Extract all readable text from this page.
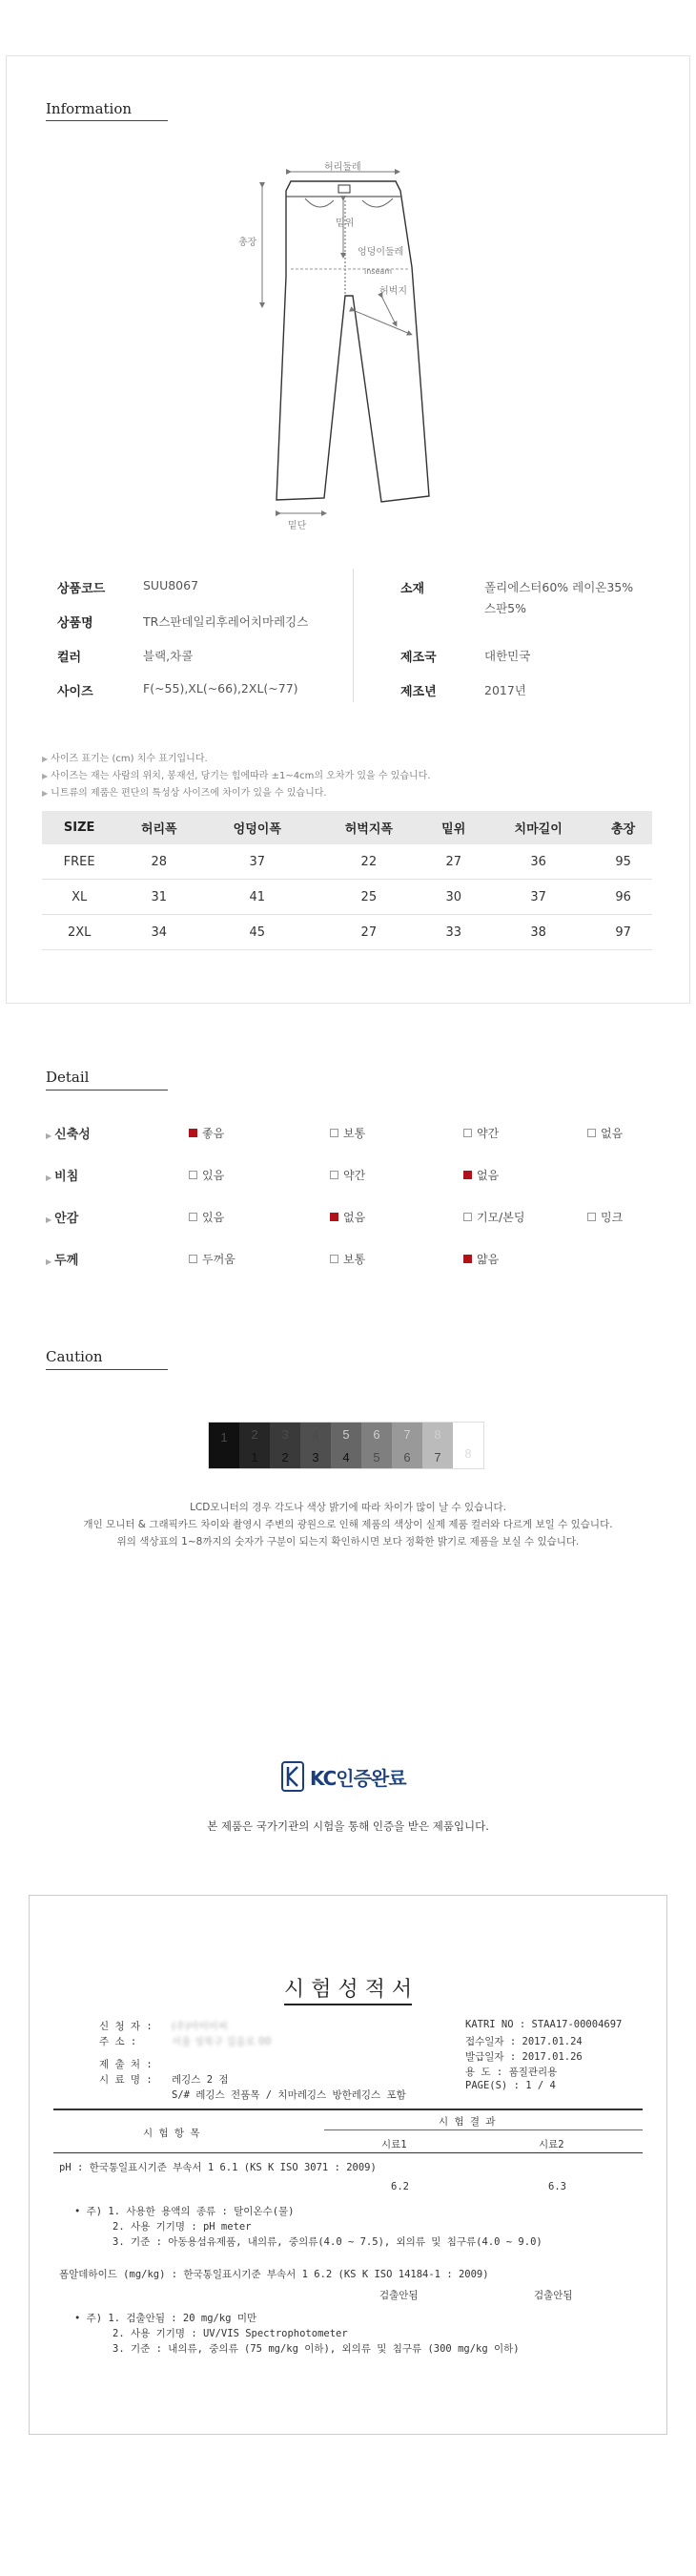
Information
허리둘레
총장
밑위
엉덩이둘레
inseam
허벅지
밑단
상품코드	SUU8067
상품명	TR스판데일리후레어치마레깅스
컬러	블랙,차콜
사이즈	F(~55),XL(~66),2XL(~77)
소재	폴리에스터60% 레이온35%
스판5%
제조국	대한민국
제조년	2017년
▶ 사이즈 표기는 (cm) 치수 표기입니다.
▶ 사이즈는 재는 사람의 위치, 봉재선, 당기는 힘에따라 ±1~4cm의 오차가 있을 수 있습니다.
▶ 니트류의 제품은 편단의 특성상 사이즈에 차이가 있을 수 있습니다.
SIZE	허리폭	엉덩이폭	허벅지폭	밑위	치마길이	총장
FREE	28	37	22	27	36	95
XL	31	41	25	30	37	96
2XL	34	45	27	33	38	97
Detail
▶ 신축성	좋음	보통	약간	없음
▶ 비침	있음	약간	없음
▶ 안감	있음	없음	기모/본딩	밍크
▶ 두께	두꺼움	보통	얇음
Caution
1 2
1
3
2
4
3
5
4
6
5
7
6
8
7 8
LCD모니터의 경우 각도나 색상 밝기에 따라 차이가 많이 날 수 있습니다.
개인 모니터 & 그래픽카드 차이와 촬영시 주변의 광원으로 인해 제품의 색상이 실제 제품 컬러와 다르게 보일 수 있습니다.
위의 색상표의 1~8까지의 숫자가 구분이 되는지 확인하시면 보다 정확한 밝기로 제품을 보실 수 있습니다.
KC인증완료
본 제품은 국가기관의 시험을 통해 인증을 받은 제품입니다.
시 험 성 적 서
신 청 자 : (주)아이이씨
주 소 :	서울 성북구 길음로 00
제 출 처 :
시 료 명 : 레깅스 2 점
S/# 레깅스 전품목 / 치마레깅스 방한레깅스 포함
KATRI NO : STAA17-00004697
접수일자 : 2017.01.24
발급일자 : 2017.01.26
용 도 : 품질관리용
PAGE(S) : 1 / 4
시 험 항 목
시 험 결 과
시료1	시료2
pH : 한국통일표시기준 부속서 1 6.1 (KS K ISO 3071 : 2009)
6.2	6.3
• 주) 1. 사용한 용액의 종류 : 탈이온수(물)
2. 사용 기기명 : pH meter
3. 기준 : 아동용섬유제품, 내의류, 중의류(4.0 ~ 7.5), 외의류 및 침구류(4.0 ~ 9.0)
폼알데하이드 (mg/kg) : 한국통일표시기준 부속서 1 6.2 (KS K ISO 14184-1 : 2009)
검출안됨	검출안됨
• 주) 1. 검출안됨 : 20 mg/kg 미만
2. 사용 기기명 : UV/VIS Spectrophotometer
3. 기준 : 내의류, 중의류 (75 mg/kg 이하), 외의류 및 침구류 (300 mg/kg 이하)
